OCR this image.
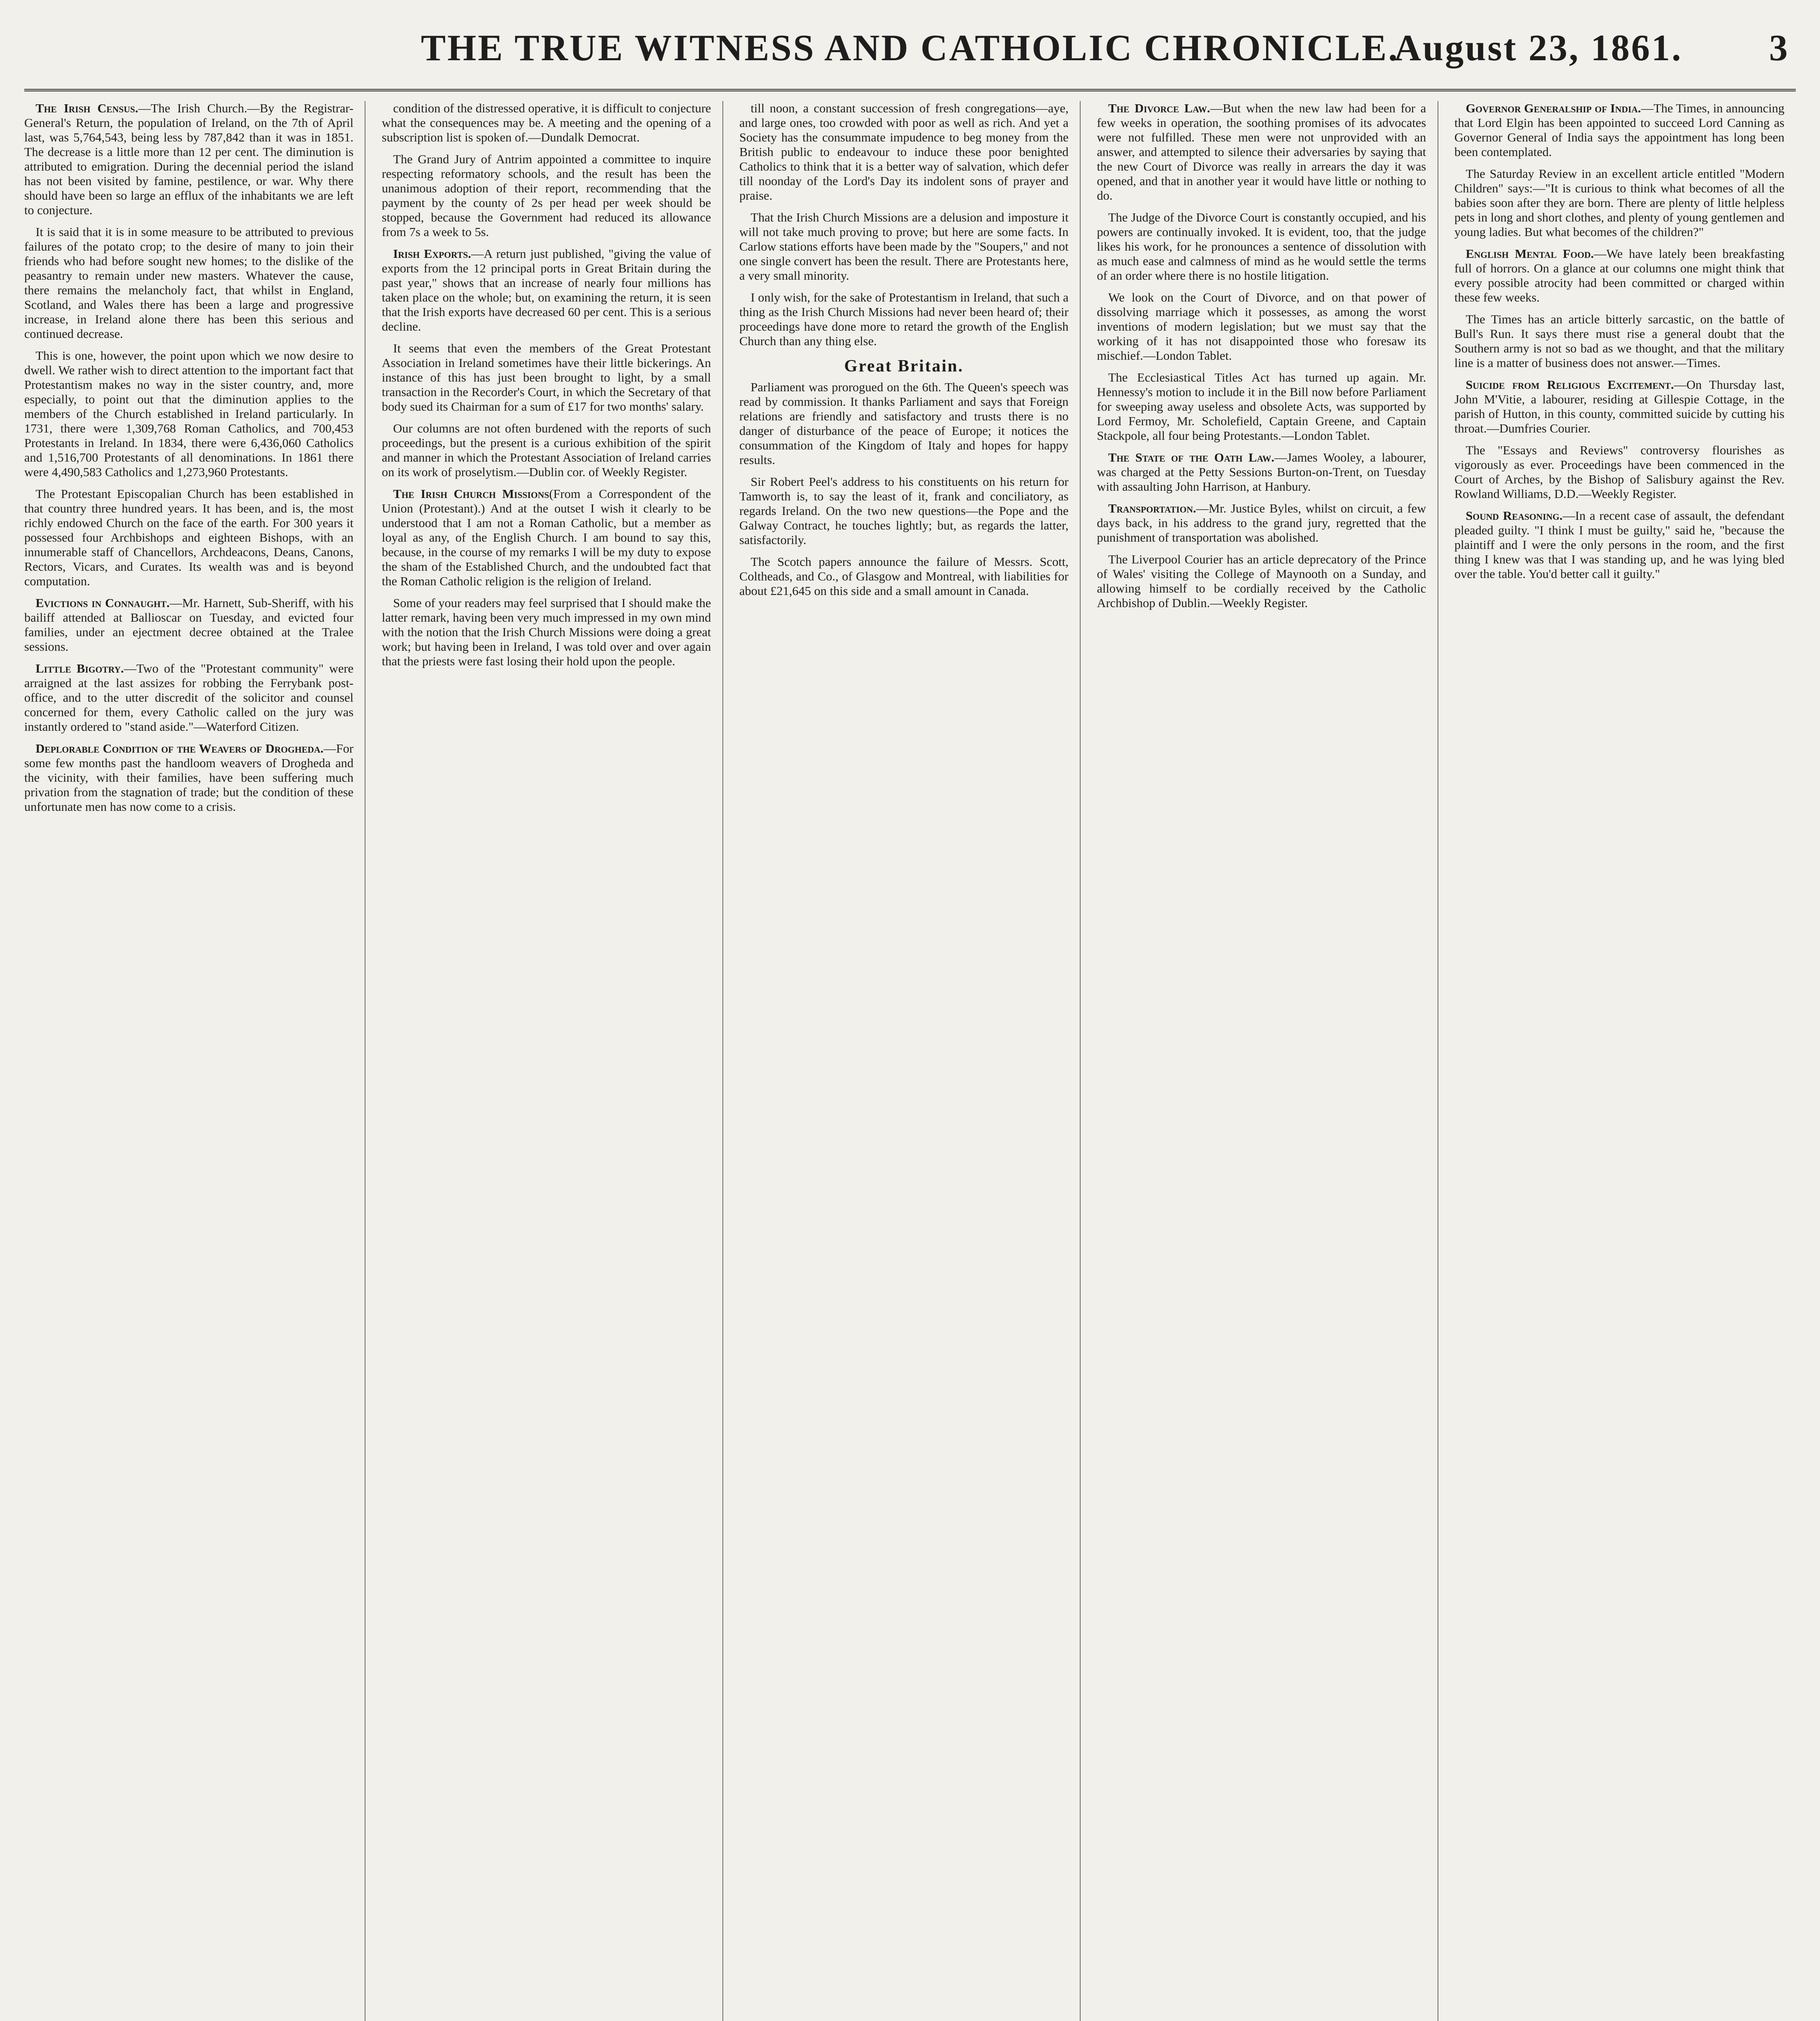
THE TRUE WITNESS AND CATHOLIC CHRONICLE.
August 23, 1861. 3

The Irish Census.—The Irish Church.—By the Registrar-General's Return, the population of Ireland, on the 7th of April last, was 5,764,543, being less by 787,842 than it was in 1851. The decrease is a little more than 12 per cent. The diminution is attributed to emigration. During the decennial period the island has not been visited by famine, pestilence, or war. Why there should have been so large an efflux of the inhabitants we are left to conjecture.

It is said that it is in some measure to be attributed to previous failures of the potato crop; to the desire of many to join their friends who had before sought new homes; to the dislike of the peasantry to remain under new masters. Whatever the cause, there remains the melancholy fact, that whilst in England, Scotland, and Wales there has been a large and progressive increase, in Ireland alone there has been this serious and continued decrease.

This is one, however, the point upon which we now desire to dwell. We rather wish to direct attention to the important fact that Protestantism makes no way in the sister country, and, more especially, to point out that the diminution applies to the members of the Church established in Ireland particularly. In 1731, there were 1,309,768 Roman Catholics, and 700,453 Protestants in Ireland. In 1834, there were 6,436,060 Catholics and 1,516,700 Protestants of all denominations. In 1861 there were 4,490,583 Catholics and 1,273,960 Protestants.

The Protestant Episcopalian Church has been established in that country three hundred years. It has been, and is, the most richly endowed Church on the face of the earth. For 300 years it possessed four Archbishops and eighteen Bishops, with an innumerable staff of Chancellors, Archdeacons, Deans, Canons, Rectors, Vicars, and Curates. Its wealth was and is beyond computation.

Evictions in Connaught.—Mr. Harnett, Sub-Sheriff, with his bailiff attended at Ballioscar on Tuesday, and evicted four families, under an ejectment decree obtained at the Tralee sessions.

Little Bigotry.—Two of the "Protestant community" were arraigned at the last assizes for robbing the Ferrybank post-office, and to the utter discredit of the solicitor and counsel concerned for them, every Catholic called on the jury was instantly ordered to "stand aside."—Waterford Citizen.

Deplorable Condition of the Weavers of Drogheda.—For some few months past the handloom weavers of Drogheda and the vicinity, with their families, have been suffering much privation from the stagnation of trade; but the condition of these unfortunate men has now come to a crisis.

condition of the distressed operative, it is difficult to conjecture what the consequences may be. A meeting and the opening of a subscription list is spoken of.—Dundalk Democrat.

The Grand Jury of Antrim appointed a committee to inquire respecting reformatory schools, and the result has been the unanimous adoption of their report, recommending that the payment by the county of 2s per head per week should be stopped, because the Government had reduced its allowance from 7s a week to 5s.

Irish Exports.—A return just published, "giving the value of exports from the 12 principal ports in Great Britain during the past year," shows that an increase of nearly four millions has taken place on the whole; but, on examining the return, it is seen that the Irish exports have decreased 60 per cent. This is a serious decline.

It seems that even the members of the Great Protestant Association in Ireland sometimes have their little bickerings. An instance of this has just been brought to light, by a small transaction in the Recorder's Court, in which the Secretary of that body sued its Chairman for a sum of £17 for two months' salary.

Our columns are not often burdened with the reports of such proceedings, but the present is a curious exhibition of the spirit and manner in which the Protestant Association of Ireland carries on its work of proselytism.—Dublin cor. of Weekly Register.

The Irish Church Missions(From a Correspondent of the Union (Protestant).) And at the outset I wish it clearly to be understood that I am not a Roman Catholic, but a member as loyal as any, of the English Church. I am bound to say this, because, in the course of my remarks I will be my duty to expose the sham of the Established Church, and the undoubted fact that the Roman Catholic religion is the religion of Ireland.

Some of your readers may feel surprised that I should make the latter remark, having been very much impressed in my own mind with the notion that the Irish Church Missions were doing a great work; but having been in Ireland, I was told over and over again that the priests were fast losing their hold upon the people.

till noon, a constant succession of fresh congregations—aye, and large ones, too crowded with poor as well as rich. And yet a Society has the consummate impudence to beg money from the British public to endeavour to induce these poor benighted Catholics to think that it is a better way of salvation, which defer till noonday of the Lord's Day its indolent sons of prayer and praise.

That the Irish Church Missions are a delusion and imposture it will not take much proving to prove; but here are some facts. In Carlow stations efforts have been made by the "Soupers," and not one single convert has been the result. There are Protestants here, a very small minority.

I only wish, for the sake of Protestantism in Ireland, that such a thing as the Irish Church Missions had never been heard of; their proceedings have done more to retard the growth of the English Church than any thing else.

Great Britain.

Parliament was prorogued on the 6th. The Queen's speech was read by commission. It thanks Parliament and says that Foreign relations are friendly and satisfactory and trusts there is no danger of disturbance of the peace of Europe; it notices the consummation of the Kingdom of Italy and hopes for happy results.

Sir Robert Peel's address to his constituents on his return for Tamworth is, to say the least of it, frank and conciliatory, as regards Ireland. On the two new questions—the Pope and the Galway Contract, he touches lightly; but, as regards the latter, satisfactorily.

The Scotch papers announce the failure of Messrs. Scott, Coltheads, and Co., of Glasgow and Montreal, with liabilities for about £21,645 on this side and a small amount in Canada.

The Divorce Law.—But when the new law had been for a few weeks in operation, the soothing promises of its advocates were not fulfilled. These men were not unprovided with an answer, and attempted to silence their adversaries by saying that the new Court of Divorce was really in arrears the day it was opened, and that in another year it would have little or nothing to do.

The Judge of the Divorce Court is constantly occupied, and his powers are continually invoked. It is evident, too, that the judge likes his work, for he pronounces a sentence of dissolution with as much ease and calmness of mind as he would settle the terms of an order where there is no hostile litigation.

We look on the Court of Divorce, and on that power of dissolving marriage which it possesses, as among the worst inventions of modern legislation; but we must say that the working of it has not disappointed those who foresaw its mischief.—London Tablet.

The Ecclesiastical Titles Act has turned up again. Mr. Hennessy's motion to include it in the Bill now before Parliament for sweeping away useless and obsolete Acts, was supported by Lord Fermoy, Mr. Scholefield, Captain Greene, and Captain Stackpole, all four being Protestants.—London Tablet.

The State of the Oath Law.—James Wooley, a labourer, was charged at the Petty Sessions Burton-on-Trent, on Tuesday with assaulting John Harrison, at Hanbury.

Transportation.—Mr. Justice Byles, whilst on circuit, a few days back, in his address to the grand jury, regretted that the punishment of transportation was abolished.

The Liverpool Courier has an article deprecatory of the Prince of Wales' visiting the College of Maynooth on a Sunday, and allowing himself to be cordially received by the Catholic Archbishop of Dublin.—Weekly Register.

Governor Generalship of India.—The Times, in announcing that Lord Elgin has been appointed to succeed Lord Canning as Governor General of India says the appointment has long been been contemplated.

The Saturday Review in an excellent article entitled "Modern Children" says:—"It is curious to think what becomes of all the babies soon after they are born. There are plenty of little helpless pets in long and short clothes, and plenty of young gentlemen and young ladies. But what becomes of the children?"

English Mental Food.—We have lately been breakfasting full of horrors. On a glance at our columns one might think that every possible atrocity had been committed or charged within these few weeks.

The Times has an article bitterly sarcastic, on the battle of Bull's Run. It says there must rise a general doubt that the Southern army is not so bad as we thought, and that the military line is a matter of business does not answer.—Times.

Suicide from Religious Excitement.—On Thursday last, John M'Vitie, a labourer, residing at Gillespie Cottage, in the parish of Hutton, in this county, committed suicide by cutting his throat.—Dumfries Courier.

The "Essays and Reviews" controversy flourishes as vigorously as ever. Proceedings have been commenced in the Court of Arches, by the Bishop of Salisbury against the Rev. Rowland Williams, D.D.—Weekly Register.

Sound Reasoning.—In a recent case of assault, the defendant pleaded guilty. "I think I must be guilty," said he, "because the plaintiff and I were the only persons in the room, and the first thing I knew was that I was standing up, and he was lying bled over the table. You'd better call it guilty."
